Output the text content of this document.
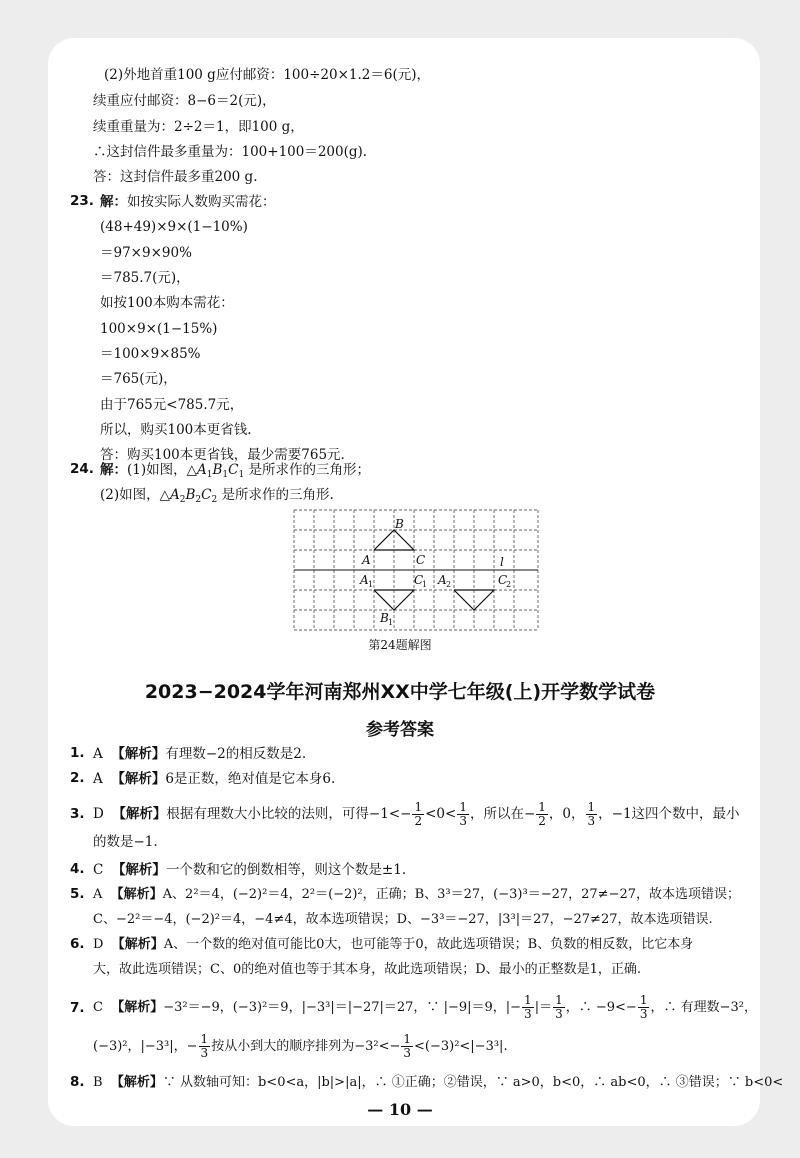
(2)外地首重100 g应付邮资：100÷20×1.2＝6(元)，
续重应付邮资：8−6＝2(元)，
续重重量为：2÷2＝1，即100 g，
∴这封信件最多重量为：100+100＝200(g).
答：这封信件最多重200 g.
23. 解：如按实际人数购买需花：
(48+49)×9×(1−10%)
＝97×9×90%
＝785.7(元)，
如按100本购本需花：
100×9×(1−15%)
＝100×9×85%
＝765(元)，
由于765元<785.7元，
所以，购买100本更省钱.
答：购买100本更省钱，最少需要765元.
24. 解：(1)如图，$\triangle A_1B_1C_1$ 是所求作的三角形；
(2)如图，$\triangle A_2B_2C_2$ 是所求作的三角形.
B
A	C	l
A 1	C
1 A 2	C
2
B 1
第24题解图
2023−2024学年河南郑州XX中学七年级(上)开学数学试卷
参考答案
1. A 【解析】有理数−2的相反数是2.
2. A 【解析】6是正数，绝对值是它本身6.
3. D 【解析】根据有理数大小比较的法则，可得$-1<- \frac{1}{2} <0< \frac{1}{3}$ ，所以在− $\frac{1}{2}$ ，0， $\frac{1}{3}$ ，−1这四个数中，最小
的数是−1.
4. C 【解析】一个数和它的倒数相等，则这个数是±1.
5. A 【解析】A、2²＝4，(−2)²＝4，2²＝(−2)²，正确；B、3³＝27，(−3)³＝−27，27≠−27，故本选项错误；
C、−2²＝−4，(−2)²＝4，−4≠4，故本选项错误；D、−3³＝−27，|3³|＝27，−27≠27，故本选项错误.
6. D 【解析】A、一个数的绝对值可能比0大，也可能等于0，故此选项错误；B、负数的相反数，比它本身
大，故此选项错误；C、0的绝对值也等于其本身，故此选项错误；D、最小的正整数是1，正确.
7. C 【解析】−3²＝−9，(−3)²＝9，|−3³|＝|−27|＝27，∵ |−9|＝9，|− $\frac{1}{3}$ |＝ $\frac{1}{3}$ ，∴ $-9<- \frac{1}{3}$ ，∴ 有理数−3²，
(−3)²，|−3³|，− $\frac{1}{3}$ 按从小到大的顺序排列为$-3^2<- \frac{1}{3} <(-3)^2<|-3^3|$.
8. B 【解析】∵ 从数轴可知：b<0<a，|b|>|a|，∴ ①正确；②错误，∵ a>0，b<0，∴ ab<0，∴ ③错误；∵ b<0<
— 10 —
